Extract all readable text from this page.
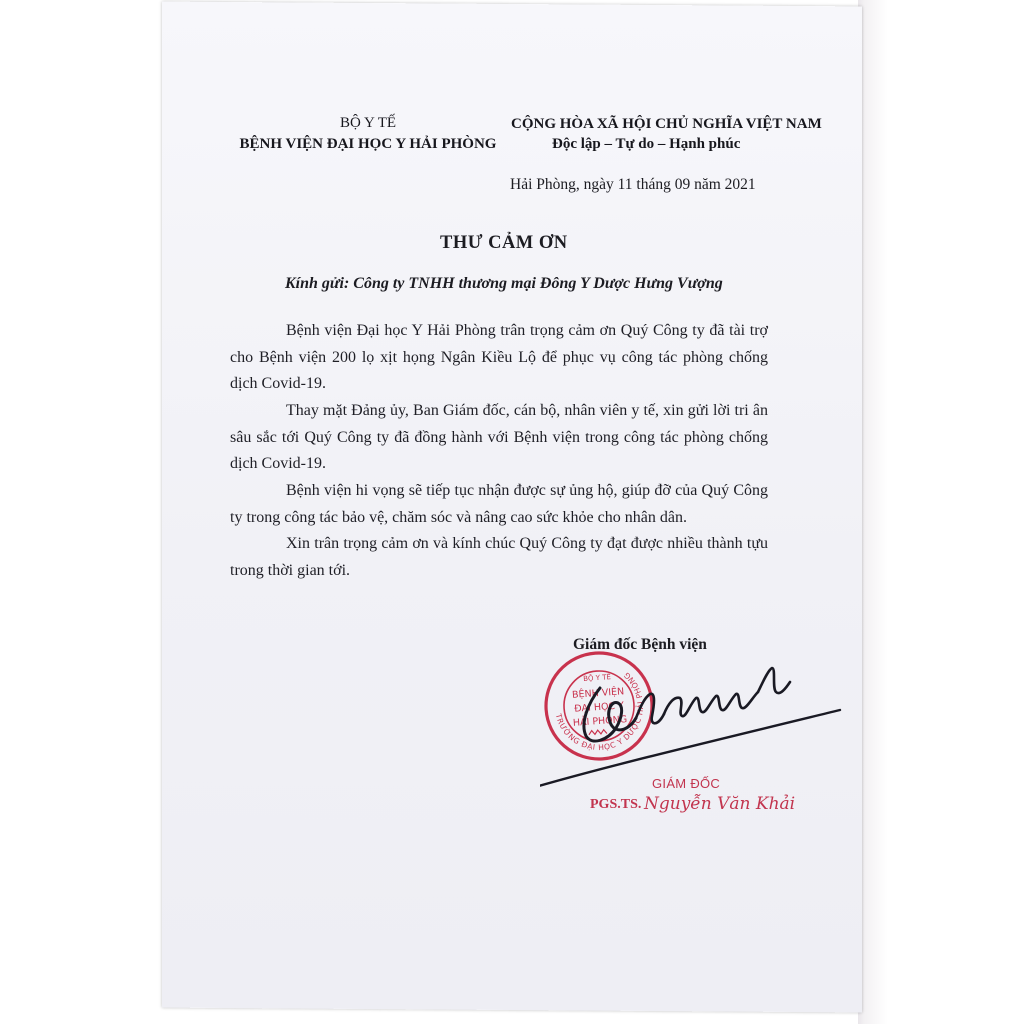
BỘ Y TẾ
BỆNH VIỆN ĐẠI HỌC Y HẢI PHÒNG
CỘNG HÒA XÃ HỘI CHỦ NGHĨA VIỆT NAM
Độc lập – Tự do – Hạnh phúc
Hải Phòng, ngày 11 tháng 09 năm 2021
THƯ CẢM ƠN
Kính gửi: Công ty TNHH thương mại Đông Y Dược Hưng Vượng

Bệnh viện Đại học Y Hải Phòng trân trọng cảm ơn Quý Công ty đã tài trợ cho Bệnh viện 200 lọ xịt họng Ngân Kiều Lộ để phục vụ công tác phòng chống dịch Covid-19.

Thay mặt Đảng ủy, Ban Giám đốc, cán bộ, nhân viên y tế, xin gửi lời tri ân sâu sắc tới Quý Công ty đã đồng hành với Bệnh viện trong công tác phòng chống dịch Covid-19.

Bệnh viện hi vọng sẽ tiếp tục nhận được sự ủng hộ, giúp đỡ của Quý Công ty trong công tác bảo vệ, chăm sóc và nâng cao sức khỏe cho nhân dân.

Xin trân trọng cảm ơn và kính chúc Quý Công ty đạt được nhiều thành tựu trong thời gian tới.

Giám đốc Bệnh viện
TRƯỜNG ĐẠI HỌC Y DƯỢC HẢI PHÒNG
BỘ Y TẾ
BỆNH VIỆN
ĐẠI HỌC Y
HẢI PHÒNG
GIÁM ĐỐC
PGS.TS. Nguyễn Văn Khải
